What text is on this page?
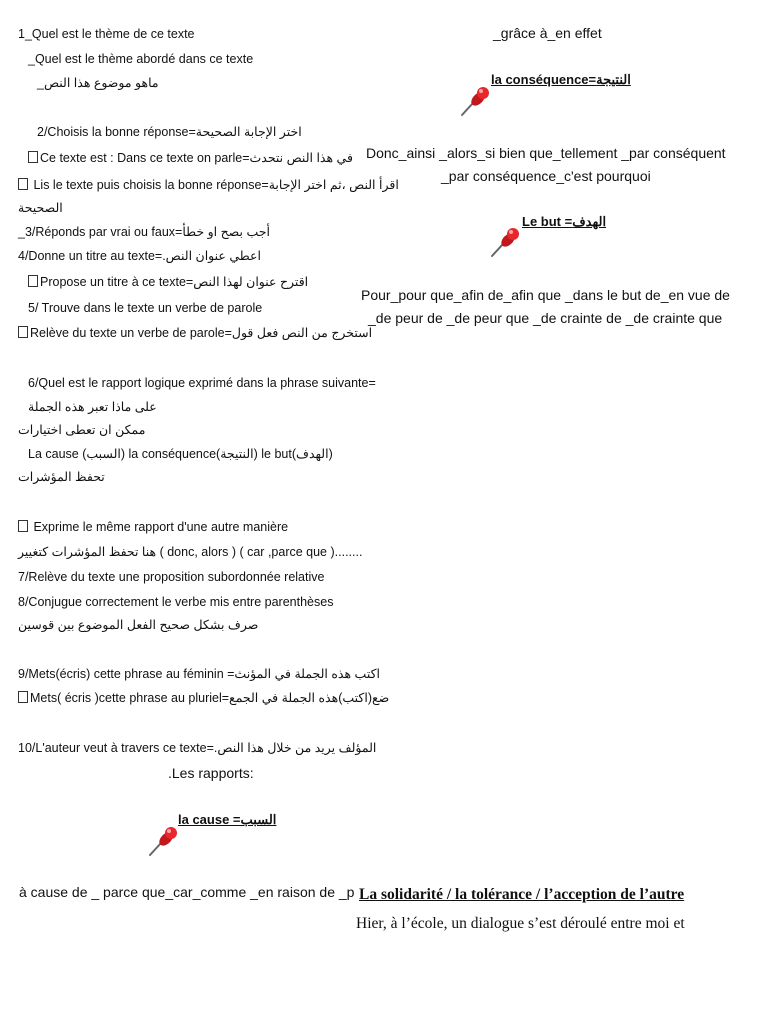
1_Quel est le thème de ce texte
_Quel est le thème abordé dans ce texte
ماهو موضوع هذا النص_
2/Choisis la bonne réponse=اختر الإجابة الصحيحة
Ce texte est : Dans ce texte on parle=في هذا النص نتحدث
Lis le texte puis choisis la bonne réponse=اقرأ النص ،ثم اختر الإجابة
الصحيحة
_3/Réponds par vrai ou faux=أجب بصح او خطأ
4/Donne un titre au texte=.اعطي عنوان النص
Propose un titre à ce texte=اقترح عنوان لهذا النص
5/ Trouve dans le texte un verbe de parole
Relève du texte un verbe de parole=استخرج من النص فعل قول
6/Quel est le rapport logique exprimé dans la phrase suivante=
على ماذا تعبر هذه الجملة
ممكن ان تعطى اختيارات
La cause (السبب) la conséquence(النتيجة) le but(الهدف)
تحفظ المؤشرات
Exprime le même rapport d'une autre manière
هنا تحفظ المؤشرات كتغيير ( donc, alors ) ( car ,parce que )........
7/Relève du texte une proposition subordonnée relative
8/Conjugue correctement le verbe mis entre parenthèses
صرف بشكل صحيح الفعل الموضوع بين قوسين
9/Mets(écris) cette phrase au féminin =اكتب هذه الجملة في المؤنث
Mets( écris )cette phrase au pluriel=ضع(اكتب)هذه الجملة في الجمع
10/L'auteur veut à travers ce texte=المؤلف يريد من خلال هذا النص.
.Les rapports:
la cause =السبب
à cause de _ parce que_car_comme _en raison de _p
_grâce à_en effet
la conséquence=النتيجة
Donc_ainsi _alors_si bien que_tellement _par conséquent
_par conséquence_c'est pourquoi
Le but =الهدف
Pour_pour que_afin de_afin que _dans le but de_en vue de
_de peur de _de peur que _de crainte de _de crainte que
La solidarité / la tolérance / l’acception de l’autre
Hier, à l’école, un dialogue s’est déroulé entre moi et
